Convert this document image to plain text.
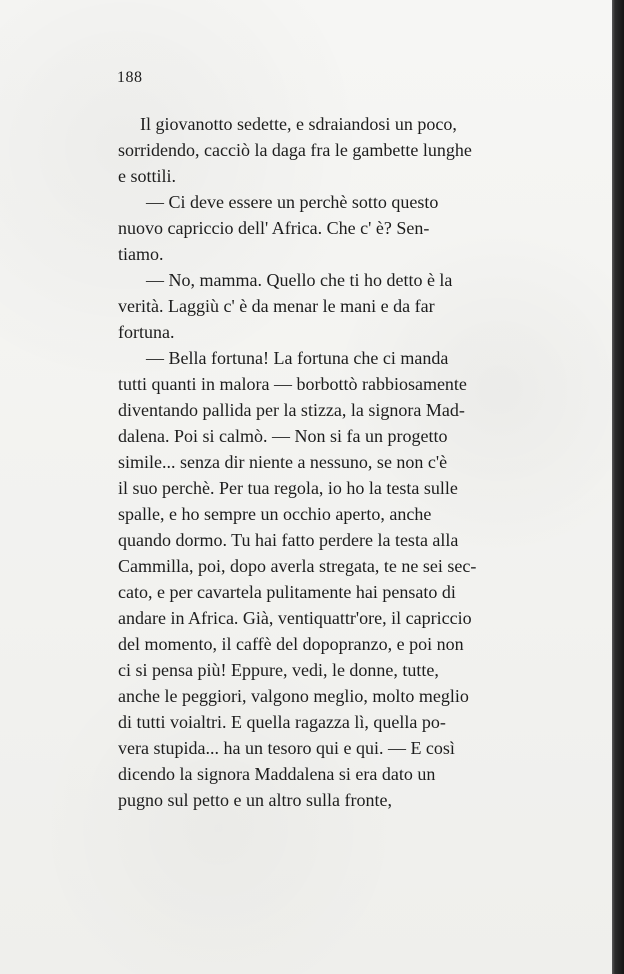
188
Il giovanotto sedette, e sdraiandosi un poco,
sorridendo, cacciò la daga fra le gambette lunghe
e sottili.
— Ci deve essere un perchè sotto questo
nuovo capriccio dell' Africa. Che c' è? Sen-
tiamo.
— No, mamma. Quello che ti ho detto è la
verità. Laggiù c' è da menar le mani e da far
fortuna.
— Bella fortuna! La fortuna che ci manda
tutti quanti in malora — borbottò rabbiosamente
diventando pallida per la stizza, la signora Mad-
dalena. Poi si calmò. — Non si fa un progetto
simile... senza dir niente a nessuno, se non c'è
il suo perchè. Per tua regola, io ho la testa sulle
spalle, e ho sempre un occhio aperto, anche
quando dormo. Tu hai fatto perdere la testa alla
Cammilla, poi, dopo averla stregata, te ne sei sec-
cato, e per cavartela pulitamente hai pensato di
andare in Africa. Già, ventiquattr'ore, il capriccio
del momento, il caffè del dopopranzo, e poi non
ci si pensa più! Eppure, vedi, le donne, tutte,
anche le peggiori, valgono meglio, molto meglio
di tutti voialtri. E quella ragazza lì, quella po-
vera stupida... ha un tesoro qui e qui. — E così
dicendo la signora Maddalena si era dato un
pugno sul petto e un altro sulla fronte,
